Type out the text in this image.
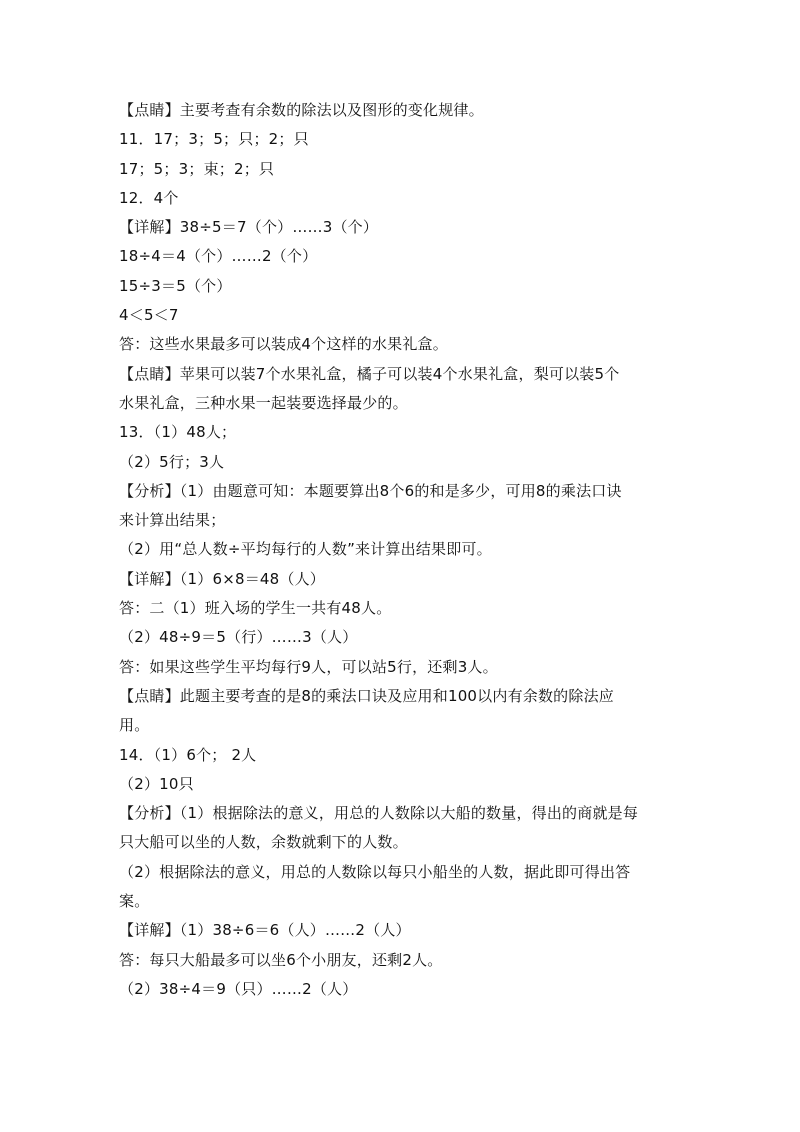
【点睛】主要考查有余数的除法以及图形的变化规律。
11．17；3；5；只；2；只
17；5；3；束；2；只
12．4个
【详解】38÷5＝7（个）……3（个）
18÷4＝4（个）……2（个）
15÷3＝5（个）
4＜5＜7
答：这些水果最多可以装成4个这样的水果礼盒。
【点睛】苹果可以装7个水果礼盒，橘子可以装4个水果礼盒，梨可以装5个
水果礼盒，三种水果一起装要选择最少的。
13．（1）48人；
（2）5行；3人
【分析】（1）由题意可知：本题要算出8个6的和是多少，可用8的乘法口诀
来计算出结果；
（2）用“总人数÷平均每行的人数”来计算出结果即可。
【详解】（1）6×8＝48（人）
答：二（1）班入场的学生一共有48人。
（2）48÷9＝5（行）……3（人）
答：如果这些学生平均每行9人，可以站5行，还剩3人。
【点睛】此题主要考查的是8的乘法口诀及应用和100以内有余数的除法应
用。
14．（1）6个； 2人
（2）10只
【分析】（1）根据除法的意义，用总的人数除以大船的数量，得出的商就是每
只大船可以坐的人数，余数就剩下的人数。
（2）根据除法的意义，用总的人数除以每只小船坐的人数，据此即可得出答
案。
【详解】（1）38÷6＝6（人）……2（人）
答：每只大船最多可以坐6个小朋友，还剩2人。
（2）38÷4＝9（只）……2（人）
